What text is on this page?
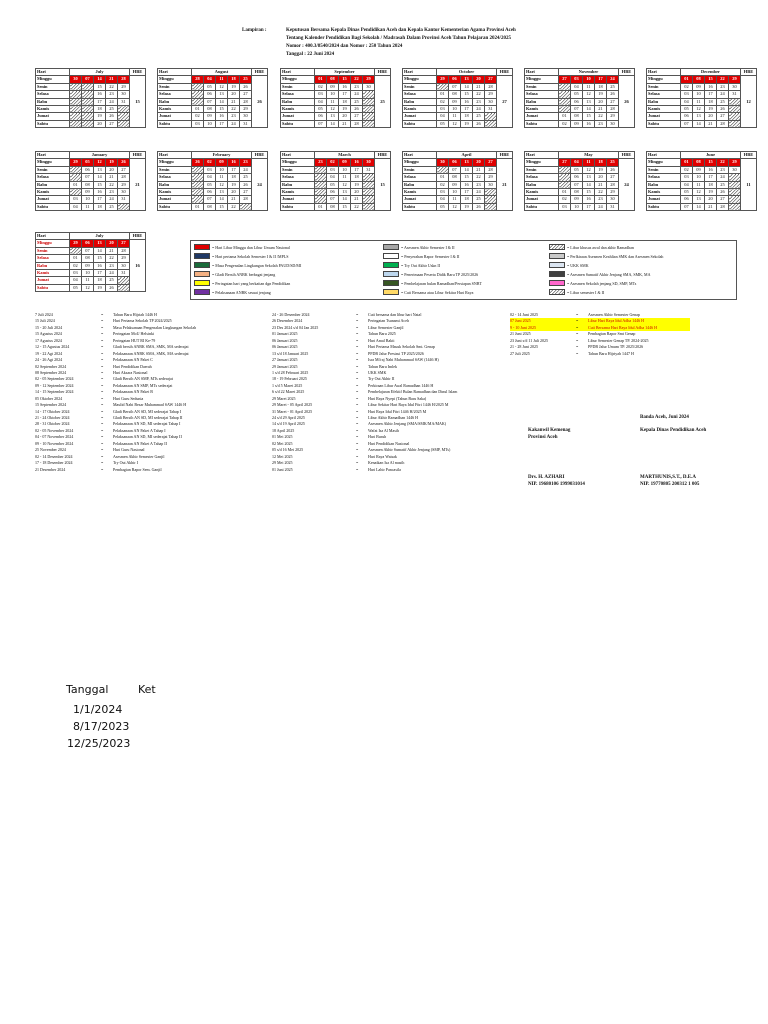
Lampiran :	Keputusan Bersama Kepala Dinas Pendidikan Aceh dan Kepala Kantor Kementerian Agama Provinsi Aceh
Tentang Kalender Pendidikan Bagi Sekolah / Madrasah Dalam Provinsi Aceh Tahun Pelajaran 2024/2025
Nomor : 400.3/8540/2024 dan Nomor : 250 Tahun 2024
Tanggal : 22 Juni 2024
Hari	July					HBE
Minggu	30	07	14	21	28	15
Senin			15	22	29	
Selasa			16	23	30	
Rabu			17	24	31	
Kamis			18	25		
Jumat			19	26		
Sabtu			20	27		
Hari	August					HBE
Minggu	28	04	11	18	25	26
Senin		05	12	19	26	
Selasa		06	13	20	27	
Rabu		07	14	21	28	
Kamis	01	08	15	22	29	
Jumat	02	09	16	23	30	
Sabtu	03	10	17	24	31	
Hari	September					HBE
Minggu	01	08	15	22	29	25
Senin	02	09	16	23	30	
Selasa	03	10	17	24		
Rabu	04	11	18	25		
Kamis	05	12	19	26		
Jumat	06	13	20	27		
Sabtu	07	14	21	28		
Hari	October					HBE
Minggu	29	06	13	20	27	27
Senin		07	14	21	28	
Selasa	01	08	15	22	29	
Rabu	02	09	16	23	30	
Kamis	03	10	17	24	31	
Jumat	04	11	18	25		
Sabtu	05	12	19	26		
Hari	November					HBE
Minggu	27	03	10	17	24	26
Senin		04	11	18	25	
Selasa		05	12	19	26	
Rabu		06	13	20	27	
Kamis		07	14	21	28	
Jumat	01	08	15	22	29	
Sabtu	02	09	16	23	30	
Hari	December					HBE
Minggu	01	08	15	22	29	12
Senin	02	09	16	23	30	
Selasa	03	10	17	24	31	
Rabu	04	11	18	25		
Kamis	05	12	19	26		
Jumat	06	13	20	27		
Sabtu	07	14	21	28		
Hari	January					HBE
Minggu	29	05	12	19	26	21
Senin		06	13	20	27	
Selasa		07	14	21	28	
Rabu	01	08	15	22	29	
Kamis		09	16	23	30	
Jumat	03	10	17	24	31	
Sabtu	04	11	18	25		
Hari	February					HBE
Minggu	26	02	09	16	23	24
Senin		03	10	17	24	
Selasa		04	11	18	25	
Rabu		05	12	19	26	
Kamis		06	13	20	27	
Jumat		07	14	21	28	
Sabtu	01	08	15	22		
Hari	March					HBE
Minggu	23	02	09	16	30	15
Senin		03	10	17	31	
Selasa		04	11	18		
Rabu		05	12	19		
Kamis		06	13	20		
Jumat		07	14	21		
Sabtu	01	08	15	22		
Hari	April					HBE
Minggu	30	06	13	20	27	21
Senin		07	14	21	28	
Selasa	01	08	15	22	29	
Rabu	02	09	16	23	30	
Kamis	03	10	17	24		
Jumat	04	11	18	25		
Sabtu	05	12	19	26		
Hari	May					HBE
Minggu	27	04	11	18	25	24
Senin		05	12	19	26	
Selasa		06	13	20	27	
Rabu		07	14	21	28	
Kamis	01	08	15	22	29	
Jumat	02	09	16	23	30	
Sabtu	03	10	17	24	31	
Hari	June					HBE
Minggu	01	08	15	22	29	11
Senin	02	09	16	23	30	
Selasa	03	10	17	24		
Rabu	04	11	18	25		
Kamis	05	12	19	26		
Jumat	06	13	20	27		
Sabtu	07	14	21	28		
Hari	July					HBE
Minggu	29	06	13	20	27	16
Senin		07	14	21	28	
Selasa	01	08	15	22	29	
Rabu	02	09	16	23	30	
Kamis	03	10	17	24	31	
Jumat	04	11	18	25		
Sabtu	05	12	19	26		
= Hari Libur Minggu dan Libur Umum Nasional
= Hari pertama Sekolah Semester I & II /MPLS
= Masa Pengenalan Lingkungan Sekolah PAUD/SD/MI
= Gladi Bersih ANBK berbagai jenjang
= Peringatan hari yang berkaitan dgn Pendidikan
= Pelaksanaan ANBK sesuai jenjang
= Asesmen Akhir Semester I & II
= Penyerahan Rapor Semester I & II
= Try Out Akhir Uskn II
= Penerimaan Peserta Didik Baru TP 2025/2026
= Pembelajaran bulan Ramadhan/Persiapan SNBT
= Cuti Bersama atau Libur Sekitar Hari Raya
= Libur khusus awal dan akhir Ramadhan
= Perlkiraan Asesmen Keahlian SMK dan Asesmen Sekolah
= UKK SMK
= Asesmen Sumatif Akhir Jenjang SMA, SMK, MA
= Asesmen Sekolah jenjang SD, SMP, MTs
= Libur semester I & II
7 Juli 2024	= Tahun Baru Hijriah 1446 H
15 Juli 2024	= Hari Pertama Sekolah TP 2024/2025
15 - 20 Juli 2024	= Masa Pelaksanaan Pengenalan Lingkungan Sekolah
15 Agustus 2024	= Peringatan MoU Helsinki
17 Agustus 2024	= Peringatan HUT RI Ke-79
12 - 15 Agustus 2024	= Gladi bersih ANBK SMA, SMK, MA sederajat
19 - 22 Agt 2024	= Pelaksanaan ANBK SMA, SMK, MA sederajat
24 - 26 Agt 2024	= Pelaksanaan AN Paket C
02 September 2024	= Hari Pendidikan Daerah
08 September 2024	= Hari Aksara Nasional
02 - 05 September 2024	= Gladi Bersih AN SMP, MTs sederajat
09 - 12 September 2024	= Pelaksanaan AN SMP, MTs sederajat
14 - 15 September 2024	= Pelaksanaan AN Paket B
05 Oktober 2024	= Hari Guru Sedunia
15 September 2024	= Maulid Nabi Besar Muhammad SAW 1446 H
14 - 17 Oktober 2024	= Gladi Bersih AN SD, MI sederajat Tahap I
21 - 24 Oktober 2024	= Gladi Bersih AN SD, MI sederajat Tahap II
28 - 31 Oktober 2024	= Pelaksanaan AN SD, MI sederajat Tahap I
02 - 05 November 2024	= Pelaksanaan AN Paket A Tahap I
04 - 07 November 2024	= Pelaksanaan AN SD, MI sederajat Tahap II
09 - 10 November 2024	= Pelaksanaan AN Paket A Tahap II
25 November 2024	= Hari Guru Nasional
02 - 14 Desember 2024	= Asesmen Akhir Semester Ganjil
17 - 18 Desember 2024	= Try Out Akhir I
21 Desember 2024	= Pembagian Rapor Sem. Ganjil
24 - 26 Desember 2024	= Cuti bersama dan libur hari Natal
26 Desember 2024	= Peringatan Tsunami Aceh
23 Des 2024 s/d 04 Jan 2025	= Libur Semester Ganjil
01 Januari 2025	= Tahun Baru 2025
06 Januari 2025	= Hari Amal Bakti
06 Januari 2025	= Hari Pertama Masuk Sekolah Smt. Genap
13 s/d 18 Januari 2025	= PPDB Jalur Prestasi TP 2025/2026
27 Januari 2025	= Isra Mi'raj Nabi Muhammad SAW (1446 H)
29 Januari 2025	= Tahun Baru Imlek
1 s/d 28 Februari 2025	= UKK SMK
18 - 19 Februari 2025	= Try Out Akhir II
1 s/d 5 Maret 2025	= Perkiraan Libur Awal Ramadhan 1446 H
6 s/d 22 Maret 2025	= Pembelajaran Efektif Bulan Ramadhan dan Dinul Islam
29 Maret 2025	= Hari Raya Nyepi (Tahun Baru Saka)
29 Maret - 05 April 2025	= Libur Sekitar Hari Raya Idul Fitri 1446 H/2025 M
31 Maret - 01 April 2025	= Hari Raya Idul Fitri 1446 H/2025 M
24 s/d 29 April 2025	= Libur Akhir Ramadhan 1446 H
14 s/d 19 April 2025	= Asesmen Akhir Jenjang (SMA/SMK/MA/MAK)
18 April 2025	= Wafat Isa Al Masih
01 Mei 2025	= Hari Buruh
02 Mei 2025	= Hari Pendidikan Nasional
05 s/d 16 Mei 2025	= Asesmen Akhir Sumatif Akhir Jenjang (SMP, MTs)
12 Mei 2025	= Hari Raya Waisak
29 Mei 2025	= Kenaikan Isa Al masih
01 Juni 2025	= Hari Lahir Pancasila
02 - 14 Juni 2025	= Asesmen Akhir Semester Genap
07 Juni 2025	= Libur Hari Raya Idul Adha 1446 H
9 - 10 Juni 2025	= Cuti Bersama Hari Raya Idul Adha 1446 H
21 Juni 2025	= Pembagian Rapor Smt Genap
23 Juni s/d 11 Juli 2025	= Libur Semester Genap TP. 2024-2025
21 - 28 Juni 2025	= PPDB Jalur Umum TP. 2025/2026
27 Juli 2025	= Tahun Baru Hijriyah 1447 H
Banda Aceh, Juni 2024
Kakanwil Kemenag
Provinsi Aceh
Kepala Dinas Pendidikan Aceh
Drs. H. AZHARI
NIP. 19680106 1999031014
MARTHUNIS,S.T., D.E.A
NIP. 19770805 200312 1 005
Tanggal	Ket
1/1/2024
8/17/2023
12/25/2023
